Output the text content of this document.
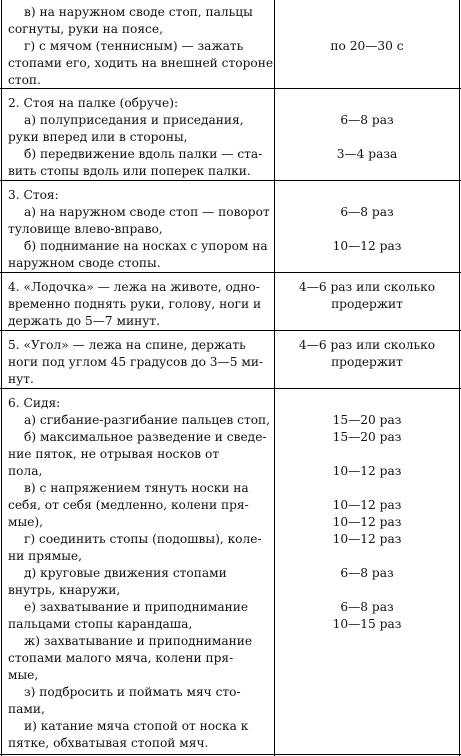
в) на наружном своде стоп, пальцы
согнуты, руки на поясе,
г) с мячом (теннисным) — зажать
стопами его, ходить на внешней стороне
стоп.
по 20—30 с
2. Стоя на палке (обруче):
а) полуприседания и приседания,
руки вперед или в стороны,
б) передвижение вдоль палки — ста-
вить стопы вдоль или поперек палки.
6—8 раз
3—4 раза
3. Стоя:
а) на наружном своде стоп — поворот
туловище влево-вправо,
б) поднимание на носках с упором на
наружном своде стопы.
6—8 раз
10—12 раз
4. «Лодочка» — лежа на животе, одно-
временно поднять руки, голову, ноги и
держать до 5—7 минут.
4—6 раз или сколько
продержит
5. «Угол» — лежа на спине, держать
ноги под углом 45 градусов до 3—5 ми-
нут.
4—6 раз или сколько
продержит
6. Сидя:
а) сгибание-разгибание пальцев стоп,
б) максимальное разведение и сведе-
ние пяток, не отрывая носков от
пола,
в) с напряжением тянуть носки на
себя, от себя (медленно, колени пря-
мые),
г) соединить стопы (подошвы), коле-
ни прямые,
д) круговые движения стопами
внутрь, кнаружи,
е) захватывание и приподнимание
пальцами стопы карандаша,
ж) захватывание и приподнимание
стопами малого мяча, колени пря-
мые,
з) подбросить и поймать мяч сто-
пами,
и) катание мяча стопой от носка к
пятке, обхватывая стопой мяч.
15—20 раз
15—20 раз
10—12 раз
10—12 раз
10—12 раз
10—12 раз
6—8 раз
6—8 раз
10—15 раз
